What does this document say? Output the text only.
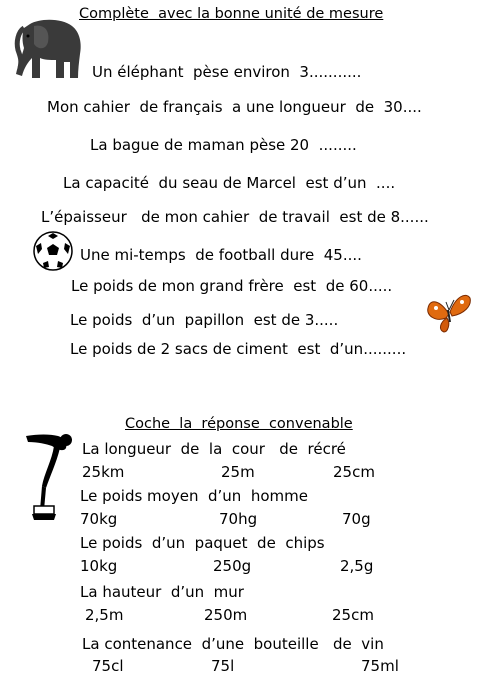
Complète  avec la bonne unité de mesure
Un éléphant  pèse environ  3...........
Mon cahier  de français  a une longueur  de  30....
La bague de maman pèse 20  ........
La capacité  du seau de Marcel  est d’un  ....
L’épaisseur   de mon cahier  de travail  est de 8......
Une mi-temps  de football dure  45....
Le poids de mon grand frère  est  de 60.....
Le poids  d’un  papillon  est de 3.....
Le poids de 2 sacs de ciment  est  d’un.........
Coche  la  réponse  convenable
La longueur  de  la  cour   de  récré
25km	25m	25cm
Le poids moyen  d’un  homme
70kg	70hg	70g
Le poids  d’un  paquet  de  chips
10kg	250g	2,5g
La hauteur  d’un  mur
2,5m	250m	25cm
La contenance  d’une  bouteille   de  vin
75cl	75l	75ml
